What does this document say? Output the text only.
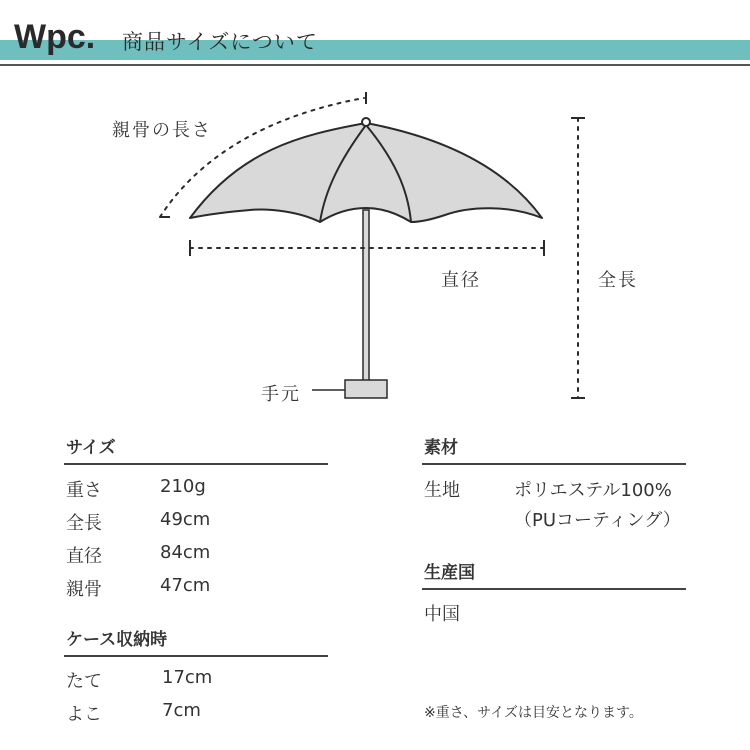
Wpc. 商品サイズについて
親骨の長さ
直径	全長
手元
サイズ
重さ	210g
全長	49cm
直径	84cm
親骨	47cm
ケース収納時
たて	17cm
よこ	7cm
素材
生地	ポリエステル100%
（PUコーティング）
生産国
中国
※重さ、サイズは目安となります。
